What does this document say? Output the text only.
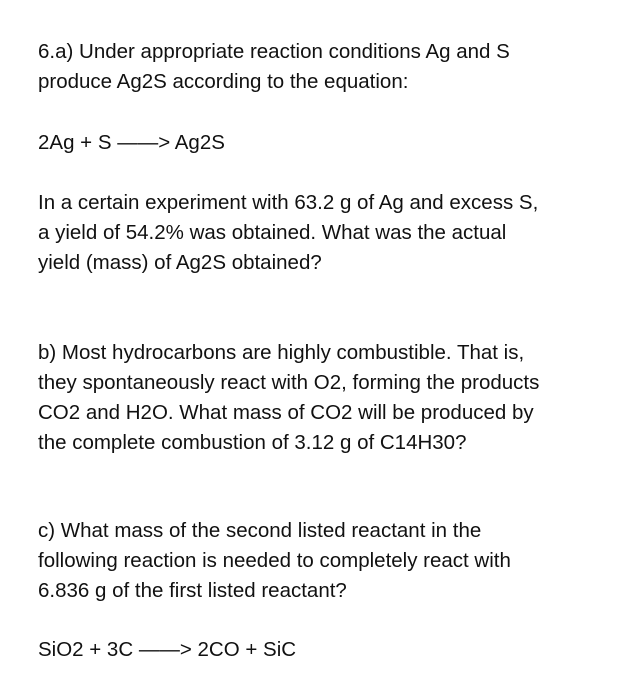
6.a) Under appropriate reaction conditions Ag and S
produce Ag2S according to the equation:
2Ag + S ——> Ag2S
In a certain experiment with 63.2 g of Ag and excess S,
a yield of 54.2% was obtained. What was the actual
yield (mass) of Ag2S obtained?
b) Most hydrocarbons are highly combustible. That is,
they spontaneously react with O2, forming the products
CO2 and H2O. What mass of CO2 will be produced by
the complete combustion of 3.12 g of C14H30?
c) What mass of the second listed reactant in the
following reaction is needed to completely react with
6.836 g of the first listed reactant?
SiO2 + 3C ——> 2CO + SiC
